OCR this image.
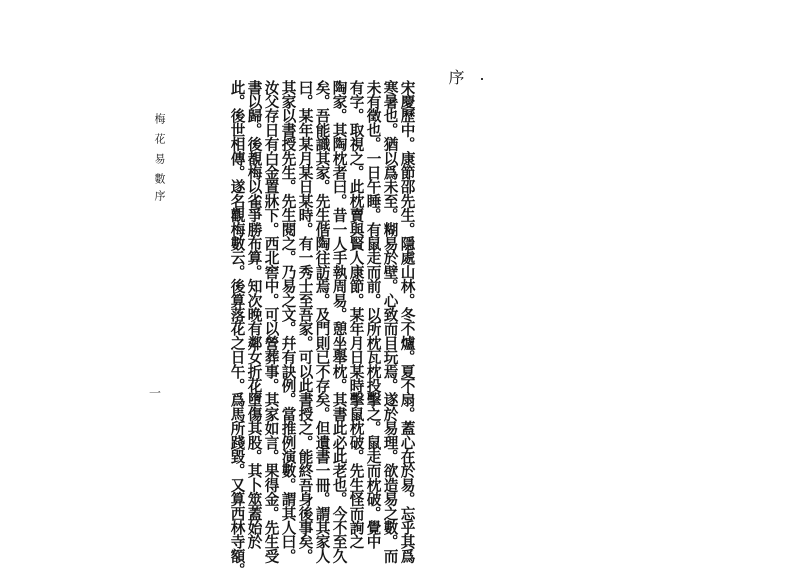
序
宋慶歷中。康節邵先生。隱處山林。冬不爐。夏不扇。蓋心在於易。忘乎其爲
寒暑也。猶以爲未至。糊易於壁。心致而目玩焉。遂於易理。欲造易之數。而
未有徵也。一日午睡。有鼠走而前。以所枕瓦枕投擊之。鼠走而枕破。覺中
有字。取視之。此枕賣與賢人康節。某年月日某時擊鼠枕破。先生怪而詢之
陶家。其陶枕者曰。昔一人手執周易。憩坐舉枕。其書此必此老也。今不至久
矣。吾能識其家。先生偕陶往訪焉。及門則已不存矣。但遺書一冊。謂其家人
曰。某年某月某日某時。有一秀士至吾家。可以此書授之。能終吾身後事矣。
其家以書授先生。先生閱之。乃易之文。幷有訣例。當推例演數。謂其人曰。
汝父存日有白金置牀下。西北窖中。可以營葬事。其家如言。果得金。先生受
書以歸。後覩梅以雀爭勝布算。知次晚有鄰女折花墮傷其股。其卜筮蓋始於
此。後世相傳。遂名觀梅數云。後算落花之日午。爲馬所踐毀。又算西林寺額。
梅花易數
序
一
